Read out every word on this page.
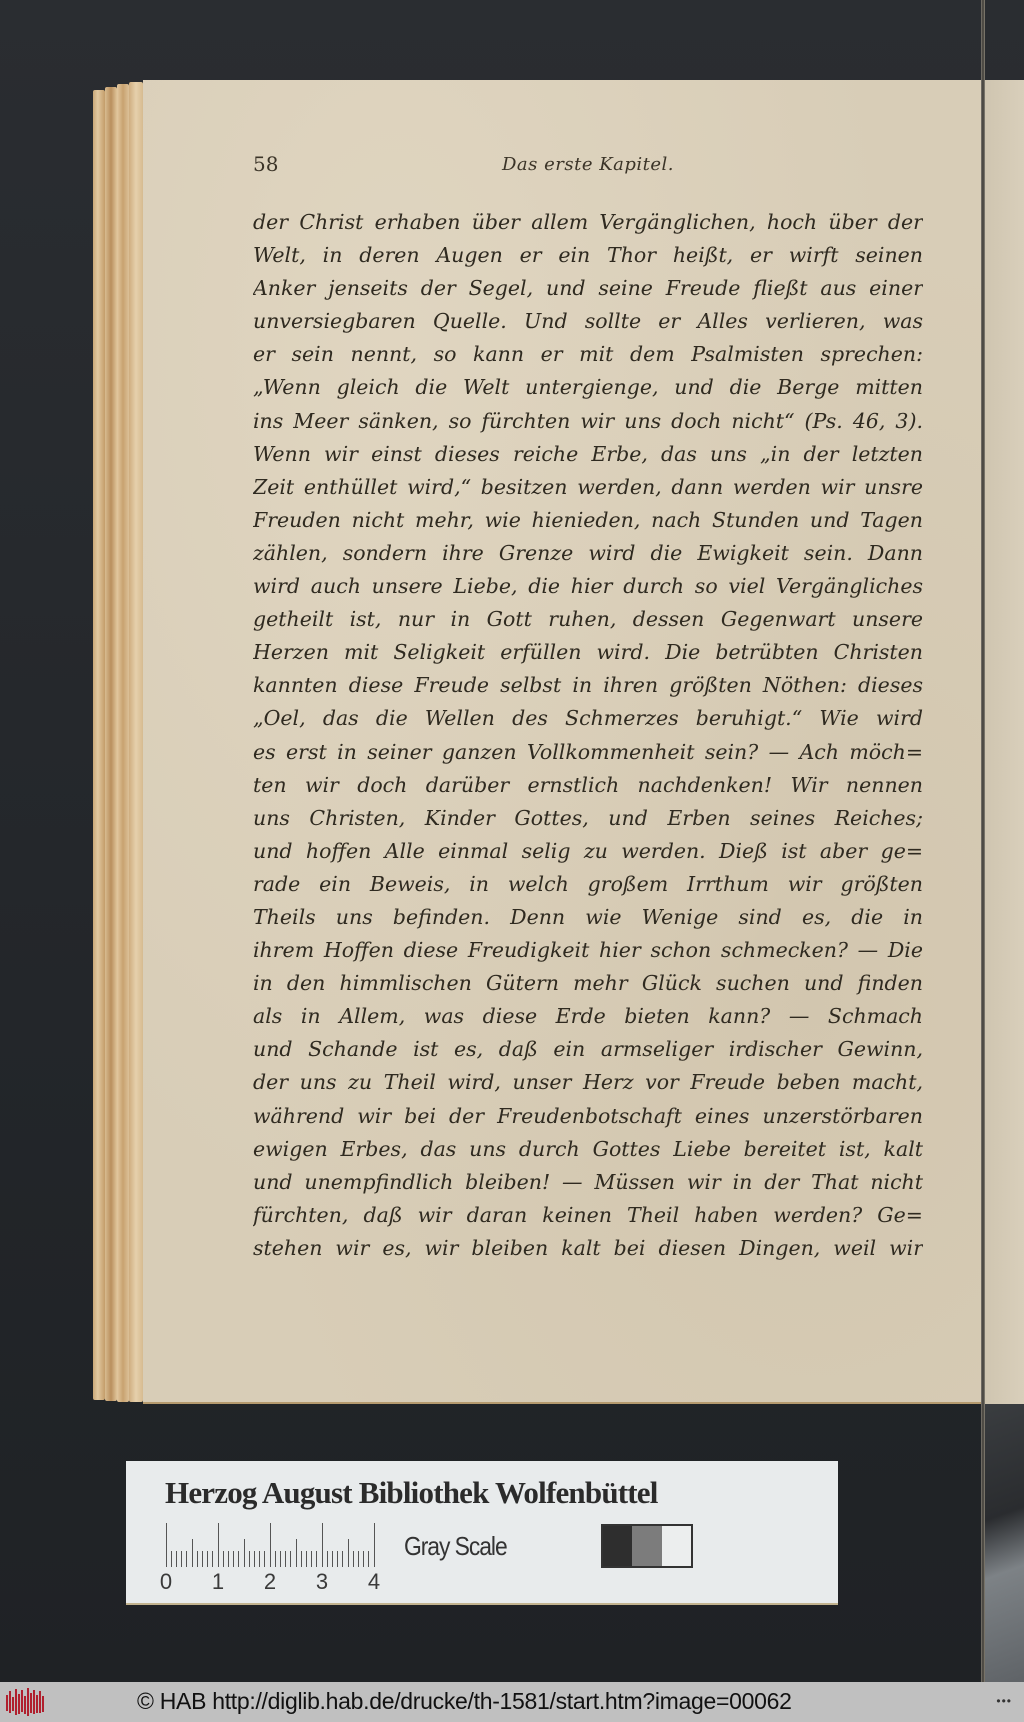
58	Das erste Kapitel.
der Christ erhaben über allem Vergänglichen, hoch über der
Welt, in deren Augen er ein Thor heißt, er wirft seinen
Anker jenseits der Segel, und seine Freude fließt aus einer
unversiegbaren Quelle. Und sollte er Alles verlieren, was
er sein nennt, so kann er mit dem Psalmisten sprechen:
„Wenn gleich die Welt untergienge, und die Berge mitten
ins Meer sänken, so fürchten wir uns doch nicht“ (Ps. 46, 3).
Wenn wir einst dieses reiche Erbe, das uns „in der letzten
Zeit enthüllet wird,“ besitzen werden, dann werden wir unsre
Freuden nicht mehr, wie hienieden, nach Stunden und Tagen
zählen, sondern ihre Grenze wird die Ewigkeit sein. Dann
wird auch unsere Liebe, die hier durch so viel Vergängliches
getheilt ist, nur in Gott ruhen, dessen Gegenwart unsere
Herzen mit Seligkeit erfüllen wird. Die betrübten Christen
kannten diese Freude selbst in ihren größten Nöthen: dieses
„Oel, das die Wellen des Schmerzes beruhigt.“ Wie wird
es erst in seiner ganzen Vollkommenheit sein? — Ach möch=
ten wir doch darüber ernstlich nachdenken! Wir nennen
uns Christen, Kinder Gottes, und Erben seines Reiches;
und hoffen Alle einmal selig zu werden. Dieß ist aber ge=
rade ein Beweis, in welch großem Irrthum wir größten
Theils uns befinden. Denn wie Wenige sind es, die in
ihrem Hoffen diese Freudigkeit hier schon schmecken? — Die
in den himmlischen Gütern mehr Glück suchen und finden
als in Allem, was diese Erde bieten kann? — Schmach
und Schande ist es, daß ein armseliger irdischer Gewinn,
der uns zu Theil wird, unser Herz vor Freude beben macht,
während wir bei der Freudenbotschaft eines unzerstörbaren
ewigen Erbes, das uns durch Gottes Liebe bereitet ist, kalt
und unempfindlich bleiben! — Müssen wir in der That nicht
fürchten, daß wir daran keinen Theil haben werden? Ge=
stehen wir es, wir bleiben kalt bei diesen Dingen, weil wir
Herzog August Bibliothek Wolfenbüttel
0 1 2 3 4
Gray Scale
© HAB http://diglib.hab.de/drucke/th-1581/start.htm?image=00062	•••
